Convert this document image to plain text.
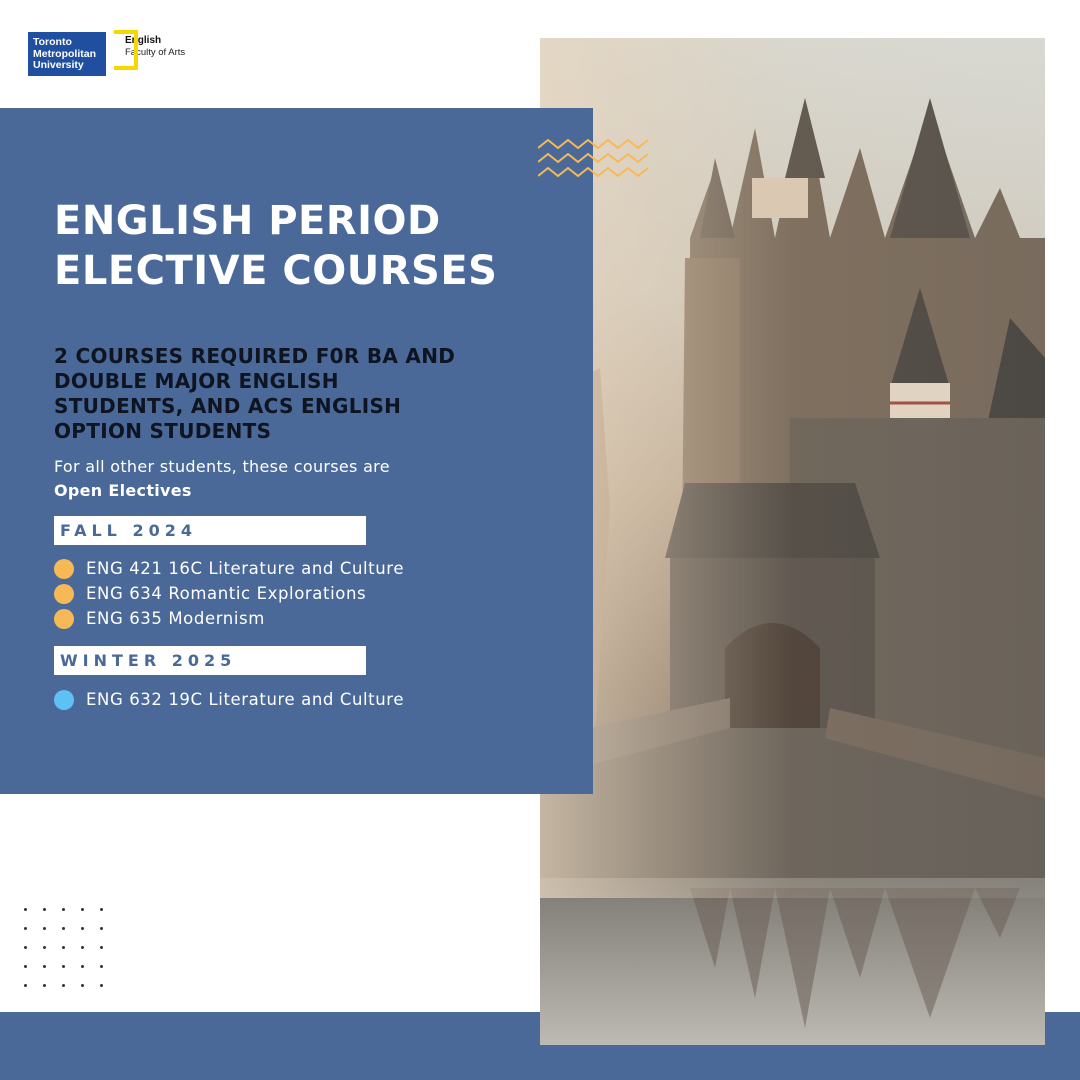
Toronto
Metropolitan
University
English
Faculty of Arts
ENGLISH PERIOD ELECTIVE COURSES
2 COURSES REQUIRED F0R BA AND DOUBLE MAJOR ENGLISH STUDENTS, AND ACS ENGLISH OPTION STUDENTS
For all other students, these courses are
Open Electives
FALL 2024
ENG 421 16C Literature and Culture
ENG 634 Romantic Explorations
ENG 635 Modernism
WINTER 2025
ENG 632 19C Literature and Culture
